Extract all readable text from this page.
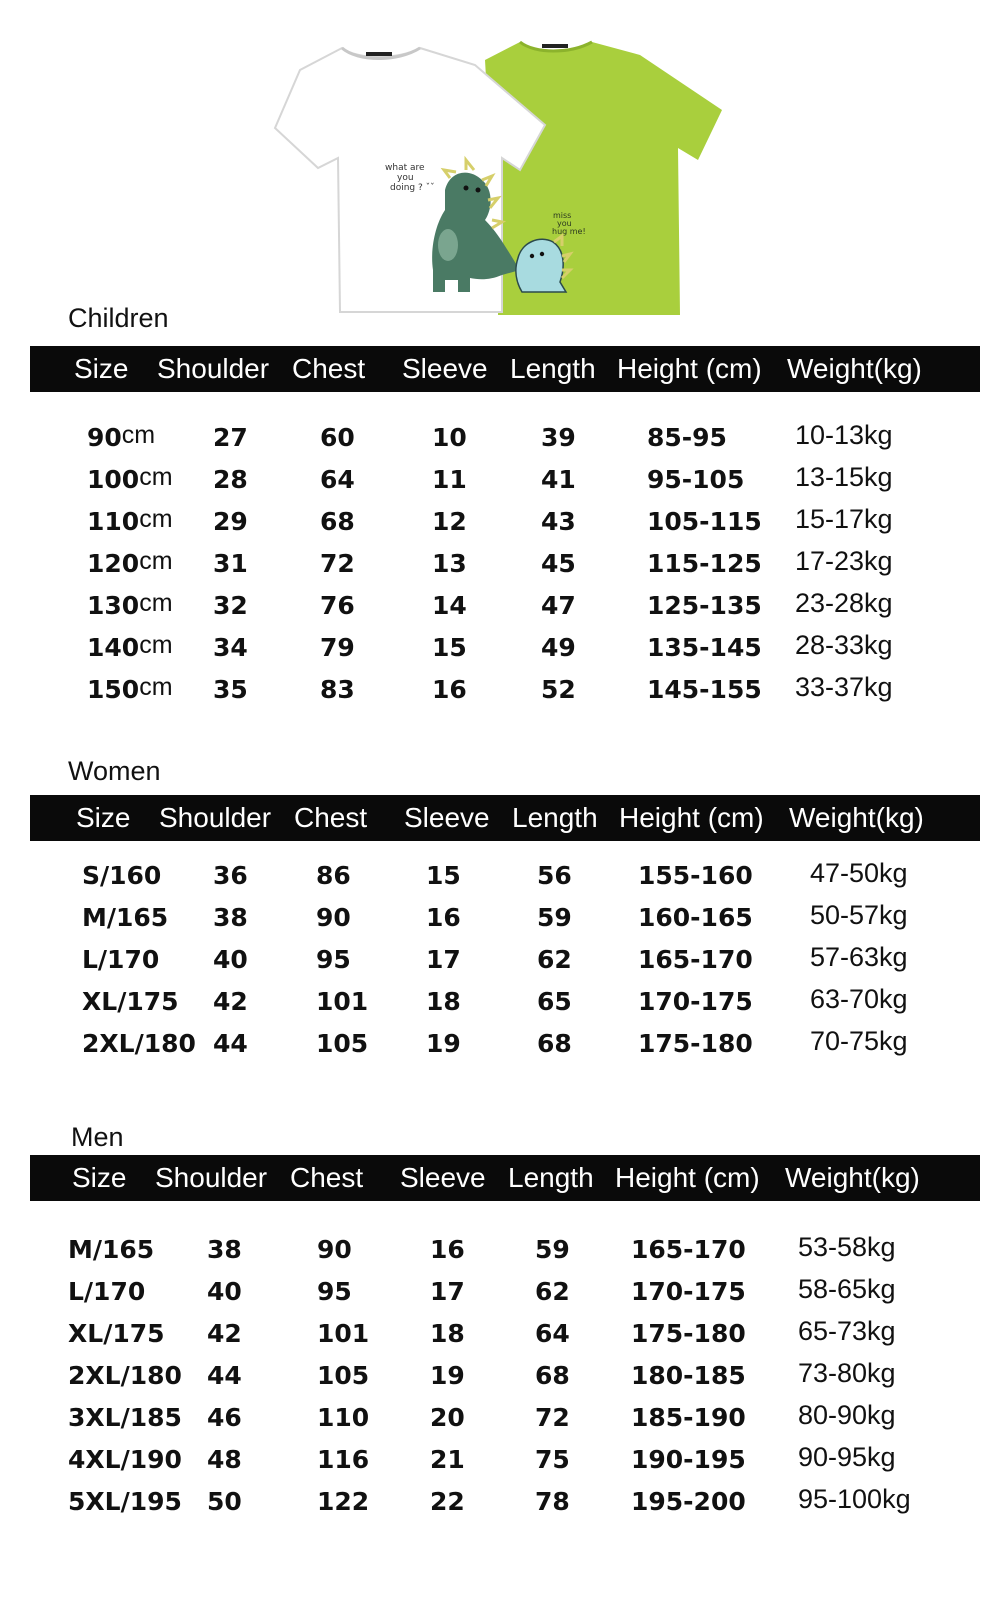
miss
you
hug me!
what are
you
doing ? ˇˇ
Children
Size Shoulder Chest Sleeve Length Height (cm) Weight(kg)
90cm 27	60	10	39	85-95	10-13kg
100cm 28	64	11	41	95-105 13-15kg
110cm 29	68	12	43	105-115 15-17kg
120cm 31	72	13	45	115-125 17-23kg
130cm 32	76	14	47	125-135 23-28kg
140cm 34	79	15	49	135-145 28-33kg
150cm 35	83	16	52	145-155 33-37kg
Women
Size Shoulder Chest Sleeve Length Height (cm) Weight(kg)
S/160 36	86	15	56	155-160 47-50kg
M/165 38	90	16	59	160-165 50-57kg
L/170 40	95	17	62	165-170 57-63kg
XL/175 42	101 18	65	170-175 63-70kg
2XL/180 44	105 19	68	175-180 70-75kg
Men
Size Shoulder Chest Sleeve Length Height (cm) Weight(kg)
M/165 38	90	16	59 165-170 53-58kg
L/170 40	95	17	62 170-175 58-65kg
XL/175 42	101 18	64 175-180 65-73kg
2XL/180 44	105 19	68 180-185 73-80kg
3XL/185 46	110 20	72 185-190 80-90kg
4XL/190 48	116 21	75 190-195 90-95kg
5XL/195 50	122 22	78 195-200 95-100kg
